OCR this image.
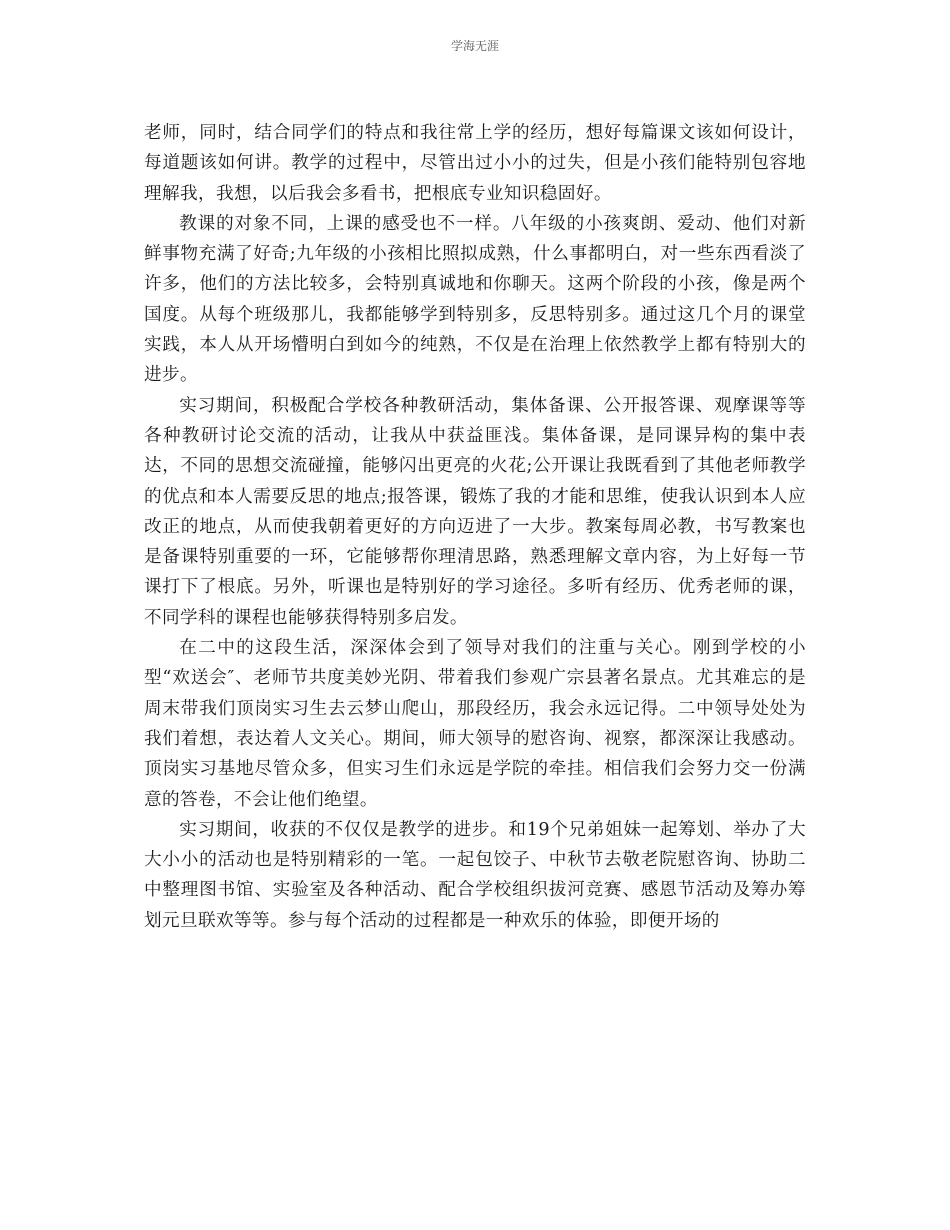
学海无涯

老师，同时，结合同学们的特点和我往常上学的经历，想好每篇课文该如何设计，每道题该如何讲。教学的过程中，尽管出过小小的过失，但是小孩们能特别包容地理解我，我想，以后我会多看书，把根底专业知识稳固好。

教课的对象不同，上课的感受也不一样。八年级的小孩爽朗、爱动、他们对新鲜事物充满了好奇;九年级的小孩相比照拟成熟，什么事都明白，对一些东西看淡了许多，他们的方法比较多，会特别真诚地和你聊天。这两个阶段的小孩，像是两个国度。从每个班级那儿，我都能够学到特别多，反思特别多。通过这几个月的课堂实践，本人从开场懵明白到如今的纯熟，不仅是在治理上依然教学上都有特别大的进步。

实习期间，积极配合学校各种教研活动，集体备课、公开报答课、观摩课等等各种教研讨论交流的活动，让我从中获益匪浅。集体备课，是同课异构的集中表达，不同的思想交流碰撞，能够闪出更亮的火花;公开课让我既看到了其他老师教学的优点和本人需要反思的地点;报答课，锻炼了我的才能和思维，使我认识到本人应改正的地点，从而使我朝着更好的方向迈进了一大步。教案每周必教，书写教案也是备课特别重要的一环，它能够帮你理清思路，熟悉理解文章内容，为上好每一节课打下了根底。另外，听课也是特别好的学习途径。多听有经历、优秀老师的课，不同学科的课程也能够获得特别多启发。

在二中的这段生活，深深体会到了领导对我们的注重与关心。刚到学校的小型“欢送会″、老师节共度美妙光阴、带着我们参观广宗县著名景点。尤其难忘的是周末带我们顶岗实习生去云梦山爬山，那段经历，我会永远记得。二中领导处处为我们着想，表达着人文关心。期间，师大领导的慰咨询、视察，都深深让我感动。顶岗实习基地尽管众多，但实习生们永远是学院的牵挂。相信我们会努力交一份满意的答卷，不会让他们绝望。

实习期间，收获的不仅仅是教学的进步。和19个兄弟姐妹一起筹划、举办了大大小小的活动也是特别精彩的一笔。一起包饺子、中秋节去敬老院慰咨询、协助二中整理图书馆、实验室及各种活动、配合学校组织拔河竞赛、感恩节活动及筹办筹划元旦联欢等等。参与每个活动的过程都是一种欢乐的体验，即便开场的
